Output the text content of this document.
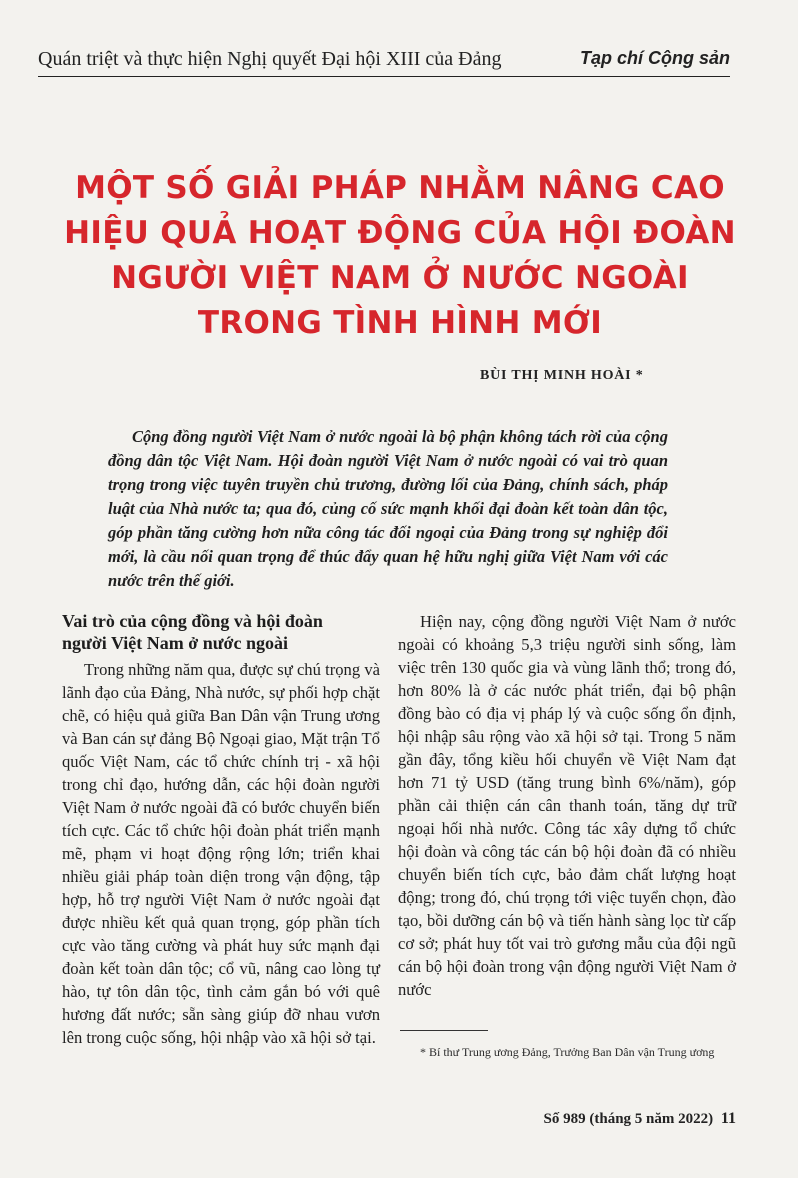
Quán triệt và thực hiện Nghị quyết Đại hội XIII của Đảng	Tạp chí Cộng sản
MỘT SỐ GIẢI PHÁP NHẰM NÂNG CAO
HIỆU QUẢ HOẠT ĐỘNG CỦA HỘI ĐOÀN
NGƯỜI VIỆT NAM Ở NƯỚC NGOÀI
TRONG TÌNH HÌNH MỚI
BÙI THỊ MINH HOÀI *

Cộng đồng người Việt Nam ở nước ngoài là bộ phận không tách rời của cộng đồng dân tộc Việt Nam. Hội đoàn người Việt Nam ở nước ngoài có vai trò quan trọng trong việc tuyên truyền chủ trương, đường lối của Đảng, chính sách, pháp luật của Nhà nước ta; qua đó, củng cố sức mạnh khối đại đoàn kết toàn dân tộc, góp phần tăng cường hơn nữa công tác đối ngoại của Đảng trong sự nghiệp đổi mới, là cầu nối quan trọng để thúc đẩy quan hệ hữu nghị giữa Việt Nam với các nước trên thế giới.

Vai trò của cộng đồng và hội đoàn
người Việt Nam ở nước ngoài

Trong những năm qua, được sự chú trọng và lãnh đạo của Đảng, Nhà nước, sự phối hợp chặt chẽ, có hiệu quả giữa Ban Dân vận Trung ương và Ban cán sự đảng Bộ Ngoại giao, Mặt trận Tổ quốc Việt Nam, các tổ chức chính trị - xã hội trong chỉ đạo, hướng dẫn, các hội đoàn người Việt Nam ở nước ngoài đã có bước chuyển biến tích cực. Các tổ chức hội đoàn phát triển mạnh mẽ, phạm vi hoạt động rộng lớn; triển khai nhiều giải pháp toàn diện trong vận động, tập hợp, hỗ trợ người Việt Nam ở nước ngoài đạt được nhiều kết quả quan trọng, góp phần tích cực vào tăng cường và phát huy sức mạnh đại đoàn kết toàn dân tộc; cổ vũ, nâng cao lòng tự hào, tự tôn dân tộc, tình cảm gắn bó với quê hương đất nước; sẵn sàng giúp đỡ nhau vươn lên trong cuộc sống, hội nhập vào xã hội sở tại.

Hiện nay, cộng đồng người Việt Nam ở nước ngoài có khoảng 5,3 triệu người sinh sống, làm việc trên 130 quốc gia và vùng lãnh thổ; trong đó, hơn 80% là ở các nước phát triển, đại bộ phận đồng bào có địa vị pháp lý và cuộc sống ổn định, hội nhập sâu rộng vào xã hội sở tại. Trong 5 năm gần đây, tổng kiều hối chuyển về Việt Nam đạt hơn 71 tỷ USD (tăng trung bình 6%/năm), góp phần cải thiện cán cân thanh toán, tăng dự trữ ngoại hối nhà nước. Công tác xây dựng tổ chức hội đoàn và công tác cán bộ hội đoàn đã có nhiều chuyển biến tích cực, bảo đảm chất lượng hoạt động; trong đó, chú trọng tới việc tuyển chọn, đào tạo, bồi dưỡng cán bộ và tiến hành sàng lọc từ cấp cơ sở; phát huy tốt vai trò gương mẫu của đội ngũ cán bộ hội đoàn trong vận động người Việt Nam ở nước

* Bí thư Trung ương Đảng, Trưởng Ban Dân vận Trung ương
Số 989 (tháng 5 năm 2022) 11
